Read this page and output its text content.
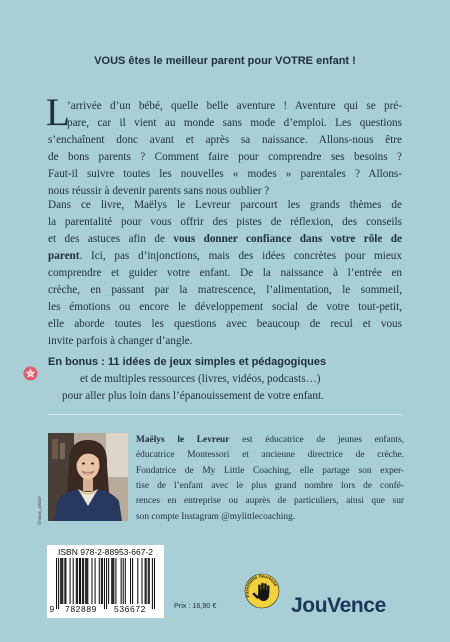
VOUS êtes le meilleur parent pour VOTRE enfant !
L
’arrivée d’un bébé, quelle belle aventure ! Aventure qui se pré-
pare, car il vient au monde sans mode d’emploi. Les questions
s’enchaînent donc avant et après sa naissance. Allons-nous être
de bons parents ? Comment faire pour comprendre ses besoins ?
Faut-il suivre toutes les nouvelles « modes » parentales ? Allons-
nous réussir à devenir parents sans nous oublier ?
Dans ce livre, Maëlys le Levreur parcourt les grands thèmes de
la parentalité pour vous offrir des pistes de réflexion, des conseils
et des astuces afin de vous donner confiance dans votre rôle de
parent. Ici, pas d’injonctions, mais des idées concrètes pour mieux
comprendre et guider votre enfant. De la naissance à l’entrée en
crèche, en passant par la matrescence, l’alimentation, le sommeil,
les émotions ou encore le développement social de votre tout-petit,
elle aborde toutes les questions avec beaucoup de recul et vous
invite parfois à changer d’angle.
En bonus : 11 idées de jeux simples et pédagogiques
et de multiples ressources (livres, vidéos, podcasts…)
pour aller plus loin dans l’épanouissement de votre enfant.
©nana_artiste
Maëlys le Levreur est éducatrice de jeunes enfants,
éducatrice Montessori et ancienne directrice de crèche.
Fondatrice de My Little Coaching, elle partage son exper-
tise de l’enfant avec le plus grand nombre lors de confé-
rences en entreprise ou auprès de particuliers, ainsi que sur
son compte Instagram @mylittlecoaching.
ISBN 978-2-88953-667-2
9	782889	536672	Prix : 16,90 €
Parentalité heureuse
JouVence
